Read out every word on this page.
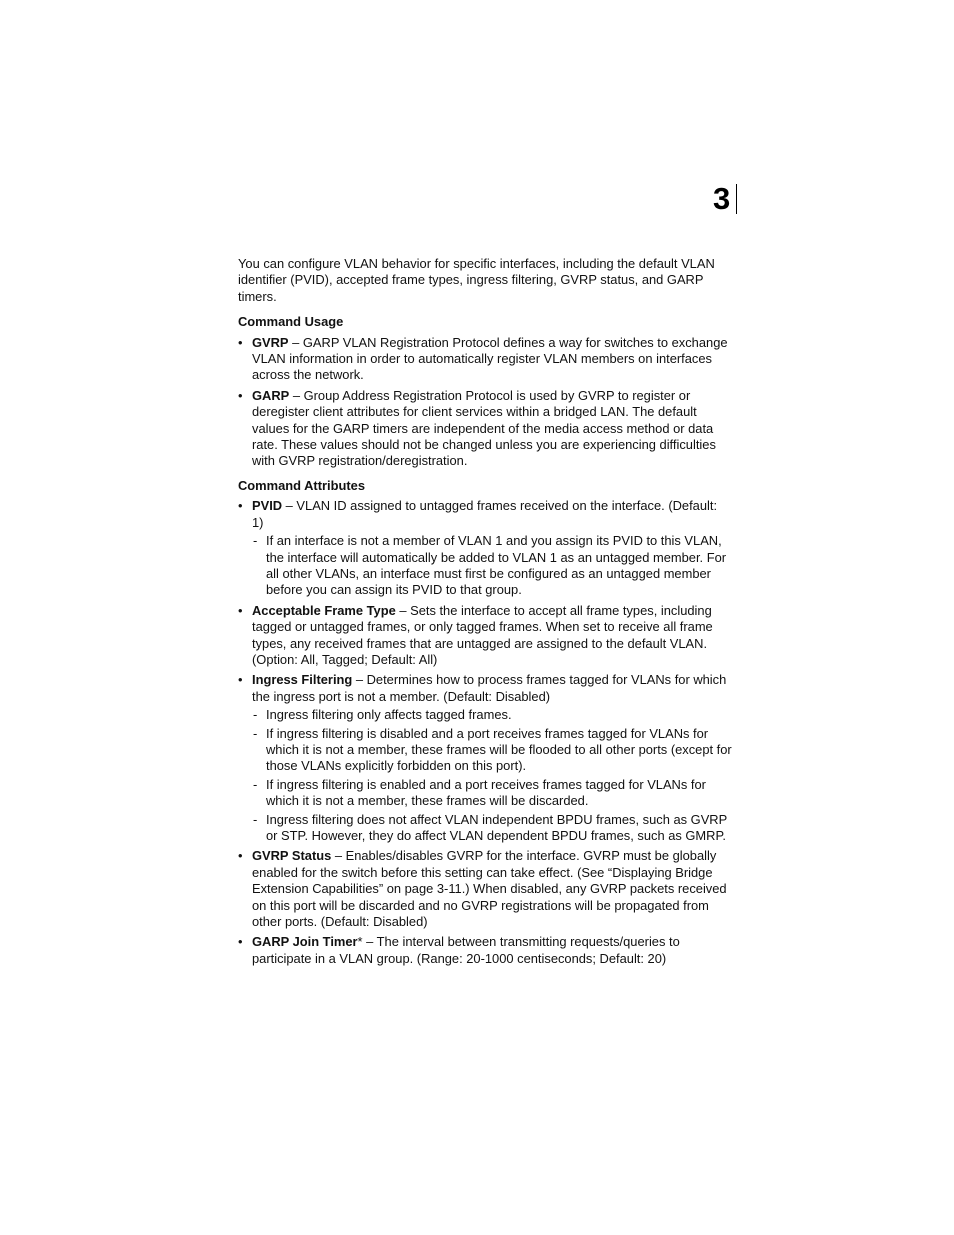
3

You can configure VLAN behavior for specific interfaces, including the default VLAN identifier (PVID), accepted frame types, ingress filtering, GVRP status, and GARP timers.

Command Usage
• GVRP – GARP VLAN Registration Protocol defines a way for switches to exchange VLAN information in order to automatically register VLAN members on interfaces across the network.
• GARP – Group Address Registration Protocol is used by GVRP to register or deregister client attributes for client services within a bridged LAN. The default values for the GARP timers are independent of the media access method or data rate. These values should not be changed unless you are experiencing difficulties with GVRP registration/deregistration.
Command Attributes
• PVID – VLAN ID assigned to untagged frames received on the interface. (Default: 1)
- If an interface is not a member of VLAN 1 and you assign its PVID to this VLAN, the interface will automatically be added to VLAN 1 as an untagged member. For all other VLANs, an interface must first be configured as an untagged member before you can assign its PVID to that group.
• Acceptable Frame Type – Sets the interface to accept all frame types, including tagged or untagged frames, or only tagged frames. When set to receive all frame types, any received frames that are untagged are assigned to the default VLAN. (Option: All, Tagged; Default: All)
• Ingress Filtering – Determines how to process frames tagged for VLANs for which the ingress port is not a member. (Default: Disabled)
- Ingress filtering only affects tagged frames.
- If ingress filtering is disabled and a port receives frames tagged for VLANs for which it is not a member, these frames will be flooded to all other ports (except for those VLANs explicitly forbidden on this port).
- If ingress filtering is enabled and a port receives frames tagged for VLANs for which it is not a member, these frames will be discarded.
- Ingress filtering does not affect VLAN independent BPDU frames, such as GVRP or STP. However, they do affect VLAN dependent BPDU frames, such as GMRP.
• GVRP Status – Enables/disables GVRP for the interface. GVRP must be globally enabled for the switch before this setting can take effect. (See “Displaying Bridge Extension Capabilities” on page 3-11.) When disabled, any GVRP packets received on this port will be discarded and no GVRP registrations will be propagated from other ports. (Default: Disabled)
• GARP Join Timer* – The interval between transmitting requests/queries to participate in a VLAN group. (Range: 20-1000 centiseconds; Default: 20)
